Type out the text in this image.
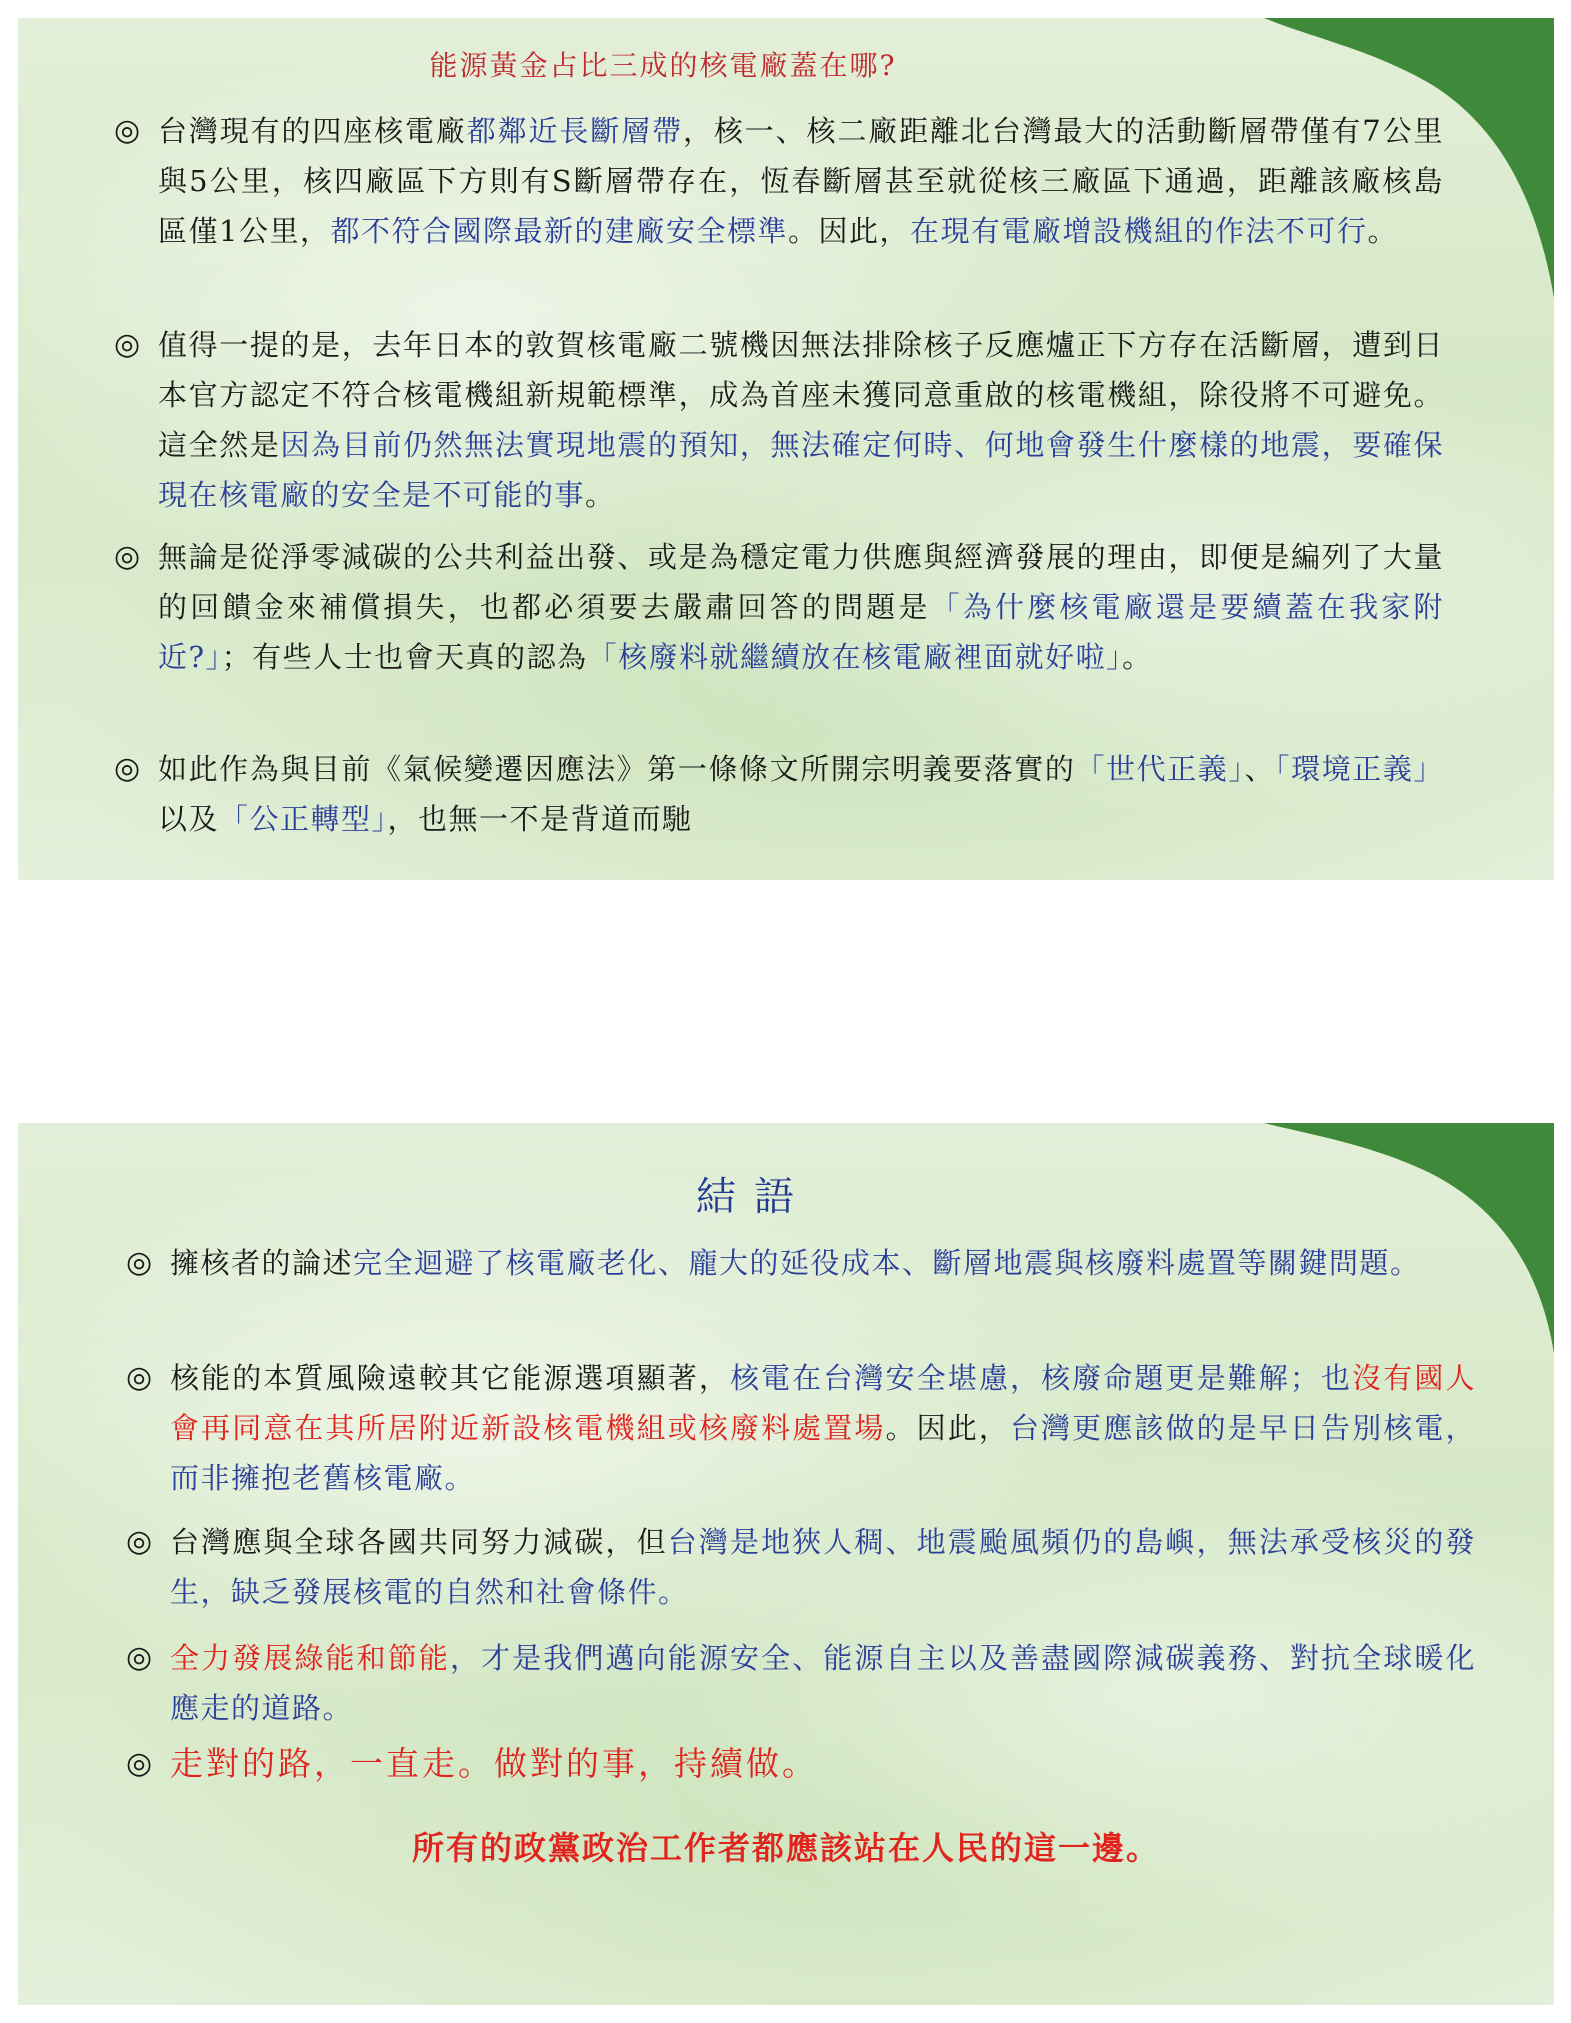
能源黃金占比三成的核電廠蓋在哪?
◎ 台灣現有的四座核電廠都鄰近長斷層帶，核一、核二廠距離北台灣最大的活動斷層帶僅有7公里與5公里，核四廠區下方則有S斷層帶存在，恆春斷層甚至就從核三廠區下通過，距離該廠核島區僅1公里，都不符合國際最新的建廠安全標準。因此，在現有電廠增設機組的作法不可行。
◎ 值得一提的是，去年日本的敦賀核電廠二號機因無法排除核子反應爐正下方存在活斷層，遭到日本官方認定不符合核電機組新規範標準，成為首座未獲同意重啟的核電機組，除役將不可避免。這全然是因為目前仍然無法實現地震的預知，無法確定何時、何地會發生什麼樣的地震，要確保現在核電廠的安全是不可能的事。
◎ 無論是從淨零減碳的公共利益出發、或是為穩定電力供應與經濟發展的理由，即便是編列了大量的回饋金來補償損失，也都必須要去嚴肅回答的問題是「為什麼核電廠還是要續蓋在我家附近?」；有些人士也會天真的認為「核廢料就繼續放在核電廠裡面就好啦」。
◎ 如此作為與目前《氣候變遷因應法》第一條條文所開宗明義要落實的「世代正義」、「環境正義」以及「公正轉型」，也無一不是背道而馳
結語
◎ 擁核者的論述完全迴避了核電廠老化、龐大的延役成本、斷層地震與核廢料處置等關鍵問題。
◎ 核能的本質風險遠較其它能源選項顯著，核電在台灣安全堪慮，核廢命題更是難解；也沒有國人會再同意在其所居附近新設核電機組或核廢料處置場。因此，台灣更應該做的是早日告別核電，而非擁抱老舊核電廠。
◎ 台灣應與全球各國共同努力減碳，但台灣是地狹人稠、地震颱風頻仍的島嶼，無法承受核災的發生，缺乏發展核電的自然和社會條件。
◎ 全力發展綠能和節能，才是我們邁向能源安全、能源自主以及善盡國際減碳義務、對抗全球暖化應走的道路。
◎ 走對的路，一直走。做對的事，持續做。
所有的政黨政治工作者都應該站在人民的這一邊。
